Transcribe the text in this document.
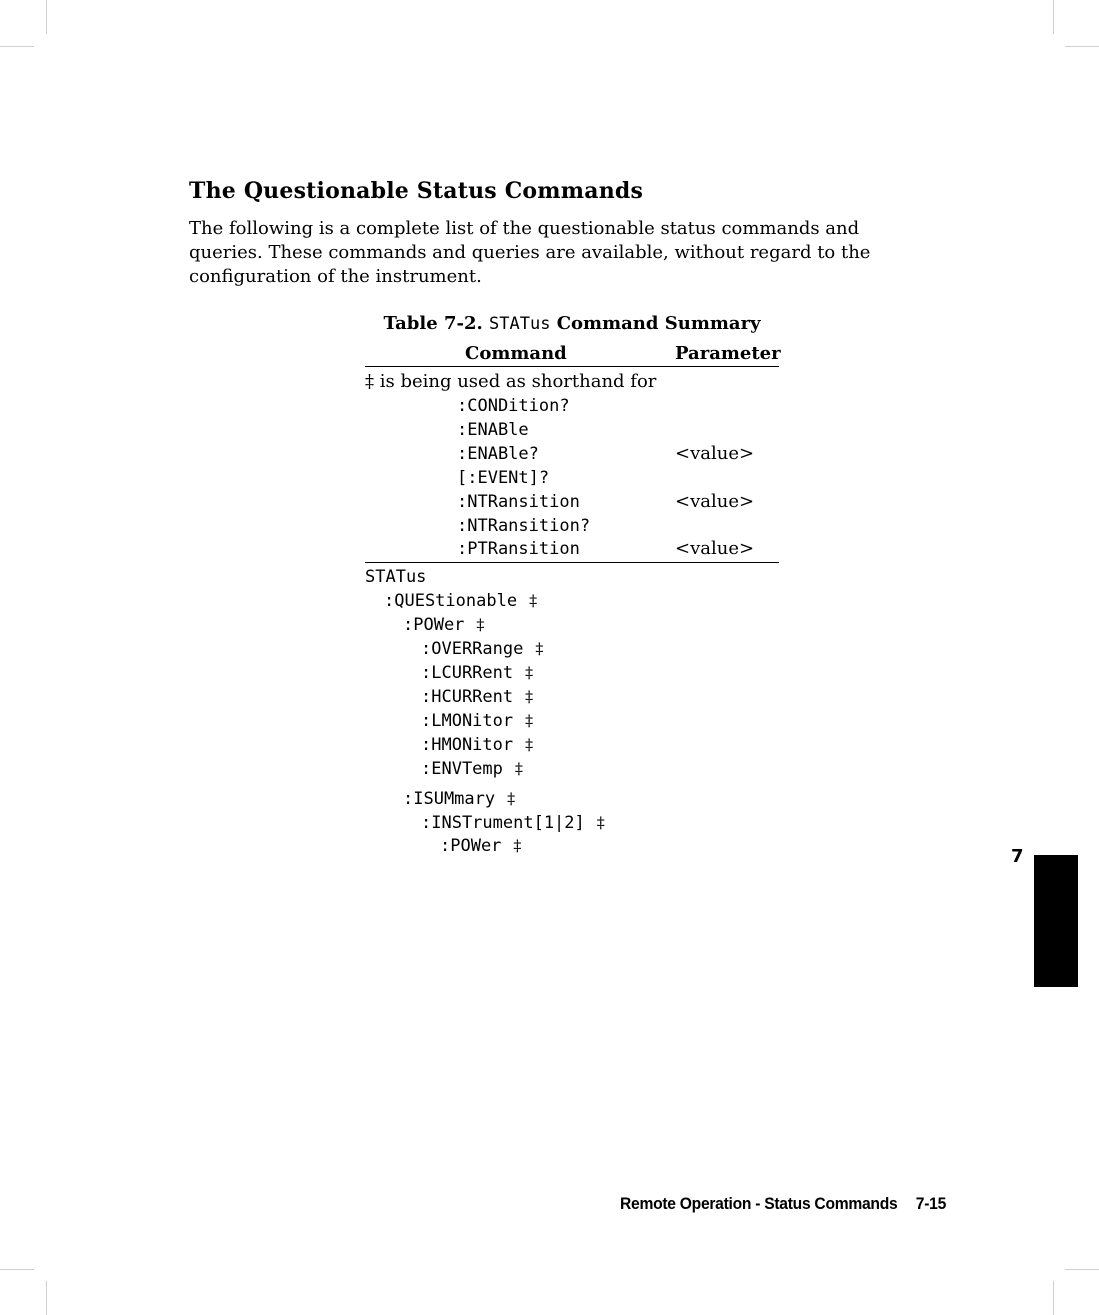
The Questionable Status Commands

The following is a complete list of the questionable status commands and
queries. These commands and queries are available, without regard to the
configuration of the instrument.

Table 7-2. STATus Command Summary
Command	Parameter
‡ is being used as shorthand for
:CONDition?
:ENABle
:ENABle?	<value>
[:EVENt]?
:NTRansition	<value>
:NTRansition?
:PTRansition	<value>
STATus
:QUEStionable ‡
:POWer ‡
:OVERRange ‡
:LCURRent ‡
:HCURRent ‡
:LMONitor ‡
:HMONitor ‡
:ENVTemp ‡
:ISUMmary ‡
:INSTrument[1|2] ‡
:POWer ‡
7
Remote Operation - Status Commands 7-15
